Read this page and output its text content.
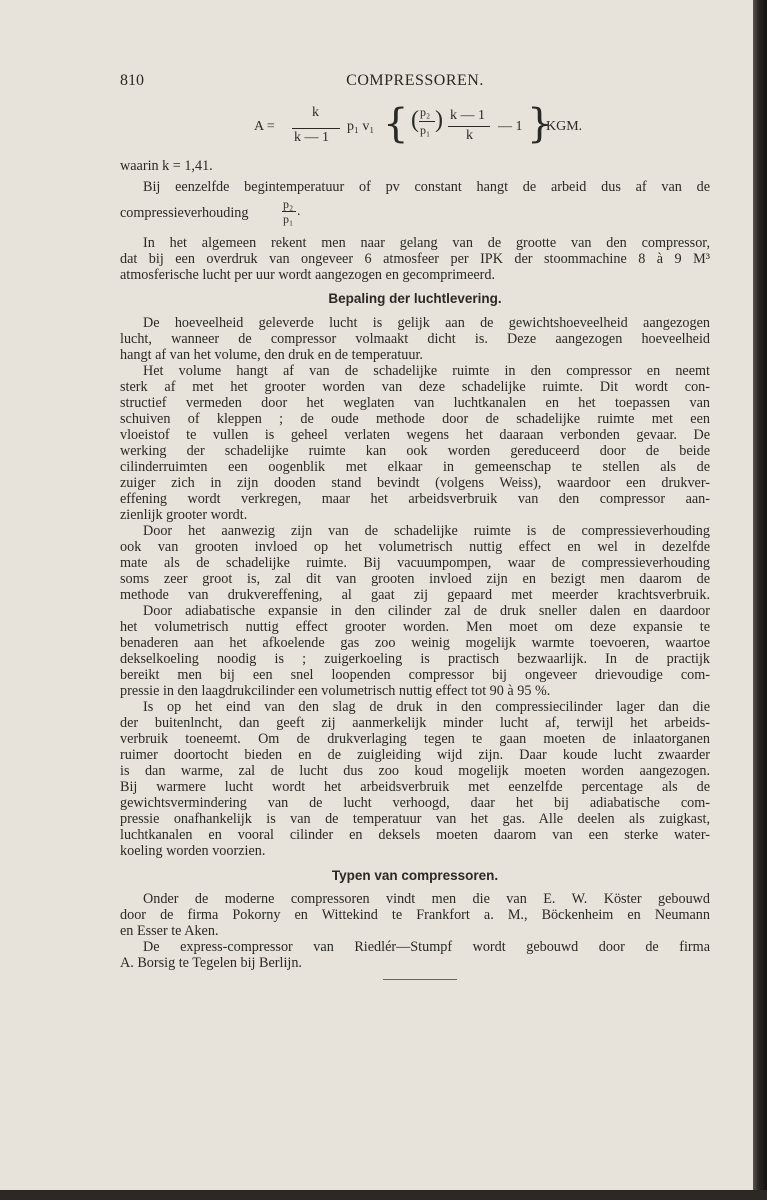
810	COMPRESSOREN.
A =
k
k — 1
p₁ v₁ { ( p₂
p₁ ) k — 1
k
— 1 }
KGM.
waarin k = 1,41.
Bij eenzelfde begintemperatuur of pv constant hangt de arbeid dus af van de
compressieverhouding
p₂
p₁ .
In het algemeen rekent men naar gelang van de grootte van den compressor,
dat bij een overdruk van ongeveer 6 atmosfeer per IPK der stoommachine 8 à 9 M³
atmosferische lucht per uur wordt aangezogen en gecomprimeerd.
Bepaling der luchtlevering.
De hoeveelheid geleverde lucht is gelijk aan de gewichtshoeveelheid aangezogen
lucht, wanneer de compressor volmaakt dicht is. Deze aangezogen hoeveelheid
hangt af van het volume, den druk en de temperatuur.
Het volume hangt af van de schadelijke ruimte in den compressor en neemt
sterk af met het grooter worden van deze schadelijke ruimte. Dit wordt con-
structief vermeden door het weglaten van luchtkanalen en het toepassen van
schuiven of kleppen ; de oude methode door de schadelijke ruimte met een
vloeistof te vullen is geheel verlaten wegens het daaraan verbonden gevaar. De
werking der schadelijke ruimte kan ook worden gereduceerd door de beide
cilinderruimten een oogenblik met elkaar in gemeenschap te stellen als de
zuiger zich in zijn dooden stand bevindt (volgens Weiss), waardoor een drukver-
effening wordt verkregen, maar het arbeidsverbruik van den compressor aan-
zienlijk grooter wordt.
Door het aanwezig zijn van de schadelijke ruimte is de compressieverhouding
ook van grooten invloed op het volumetrisch nuttig effect en wel in dezelfde
mate als de schadelijke ruimte. Bij vacuumpompen, waar de compressieverhouding
soms zeer groot is, zal dit van grooten invloed zijn en bezigt men daarom de
methode van drukvereffening, al gaat zij gepaard met meerder krachtsverbruik.
Door adiabatische expansie in den cilinder zal de druk sneller dalen en daardoor
het volumetrisch nuttig effect grooter worden. Men moet om deze expansie te
benaderen aan het afkoelende gas zoo weinig mogelijk warmte toevoeren, waartoe
dekselkoeling noodig is ; zuigerkoeling is practisch bezwaarlijk. In de practijk
bereikt men bij een snel loopenden compressor bij ongeveer drievoudige com-
pressie in den laagdrukcilinder een volumetrisch nuttig effect tot 90 à 95 %.
Is op het eind van den slag de druk in den compressiecilinder lager dan die
der buitenlncht, dan geeft zij aanmerkelijk minder lucht af, terwijl het arbeids-
verbruik toeneemt. Om de drukverlaging tegen te gaan moeten de inlaatorganen
ruimer doortocht bieden en de zuigleiding wijd zijn. Daar koude lucht zwaarder
is dan warme, zal de lucht dus zoo koud mogelijk moeten worden aangezogen.
Bij warmere lucht wordt het arbeidsverbruik met eenzelfde percentage als de
gewichtsvermindering van de lucht verhoogd, daar het bij adiabatische com-
pressie onafhankelijk is van de temperatuur van het gas. Alle deelen als zuigkast,
luchtkanalen en vooral cilinder en deksels moeten daarom van een sterke water-
koeling worden voorzien.
Typen van compressoren.
Onder de moderne compressoren vindt men die van E. W. Köster gebouwd
door de firma Pokorny en Wittekind te Frankfort a. M., Böckenheim en Neumann
en Esser te Aken.
De express-compressor van Riedlér—Stumpf wordt gebouwd door de firma
A. Borsig te Tegelen bij Berlijn.
